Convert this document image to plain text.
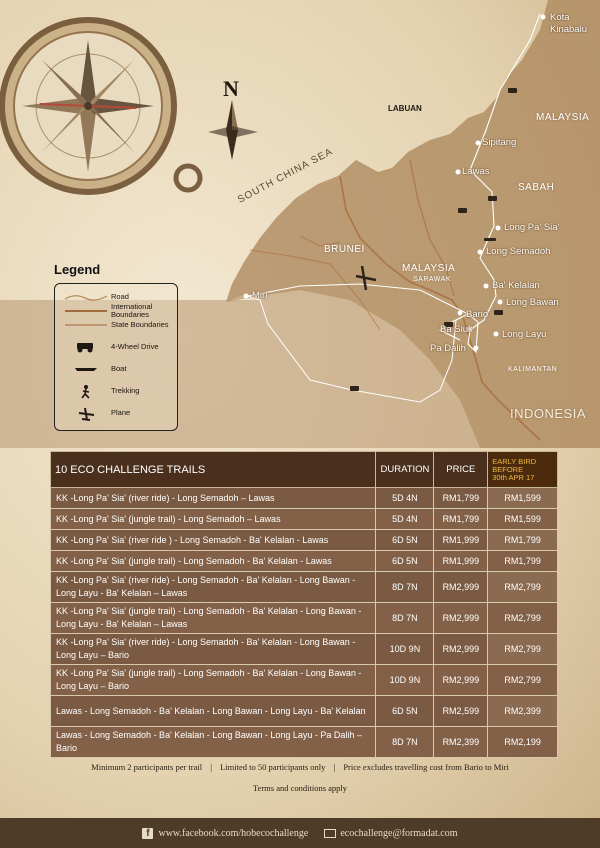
N
SOUTH CHINA SEA
LABUAN
MALAYSIA
SABAH
BRUNEI
MALAYSIA
SARAWAK
KALIMANTAN
INDONESIA
Kota
Kinabalu
Sipitang
Lawas
Long Pa' Sia'
Long Semadoh
Ba' Kelalan
Long Bawan
Bario
Ba Siuk	Long Layu
Pa Dalih
Miri
Legend
Road
International Boundaries
State Boundaries
4-Wheel Drive
Boat
Trekking
Plane
10 ECO CHALLENGE TRAILS	DURATION	PRICE	EARLY BIRD
BEFORE
30th APR 17
KK -Long Pa' Sia' (river ride) - Long Semadoh – Lawas	5D 4N	RM1,799	RM1,599
KK -Long Pa' Sia' (jungle trail) - Long Semadoh – Lawas	5D 4N	RM1,799	RM1,599
KK -Long Pa' Sia' (river ride ) - Long Semadoh - Ba' Kelalan - Lawas	6D 5N	RM1,999	RM1,799
KK -Long Pa' Sia' (jungle trail) - Long Semadoh - Ba' Kelalan - Lawas	6D 5N	RM1,999	RM1,799
KK -Long Pa' Sia' (river ride) - Long Semadoh - Ba' Kelalan - Long Bawan - Long Layu - Ba' Kelalan – Lawas	8D 7N	RM2,999	RM2,799
KK -Long Pa' Sia' (jungle trail) - Long Semadoh - Ba' Kelalan - Long Bawan - Long Layu - Ba' Kelalan – Lawas	8D 7N	RM2,999	RM2,799
KK -Long Pa' Sia' (river ride) - Long Semadoh - Ba' Kelalan - Long Bawan - Long Layu – Bario	10D 9N	RM2,999	RM2,799
KK -Long Pa' Sia' (jungle trail) - Long Semadoh - Ba' Kelalan - Long Bawan - Long Layu – Bario	10D 9N	RM2,999	RM2,799
Lawas - Long Semadoh - Ba' Kelalan - Long Bawan - Long Layu - Ba' Kelalan	6D 5N	RM2,599	RM2,399
Lawas - Long Semadoh - Ba' Kelalan - Long Bawan - Long Layu - Pa Dalih – Bario	8D 7N	RM2,399	RM2,199
Minimum 2 participants per trail | Limited to 50 participants only | Price excludes travelling cost from Bario to Miri
Terms and conditions apply
f www.facebook.com/hobecochallenge	ecochallenge@formadat.com
